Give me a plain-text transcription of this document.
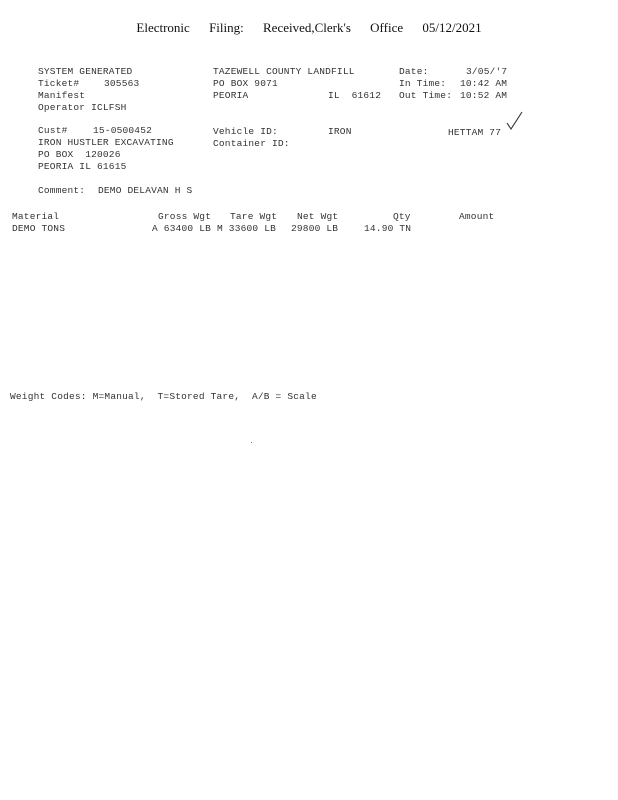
Electronic Filing: Received,Clerk's Office 05/12/2021
SYSTEM GENERATED
Ticket#	305563
Manifest
Operator ICLFSH
TAZEWELL COUNTY LANDFILL
PO BOX 9071
PEORIA	IL  61612
Date:	3/05/'7
In Time: 10:42 AM
Out Time: 10:52 AM
Cust#	15-0500452
IRON HUSTLER EXCAVATING
PO BOX  120026
PEORIA IL 61615
Vehicle ID:	IRON
Container ID:
HETTAM 77
Comment: DEMO DELAVAN H S
Material	Gross Wgt Tare Wgt Net Wgt	Qty	Amount
DEMO TONS	A 63400 LB M 33600 LB 29800 LB	14.90 TN
Weight Codes: M=Manual,  T=Stored Tare,  A/B = Scale
